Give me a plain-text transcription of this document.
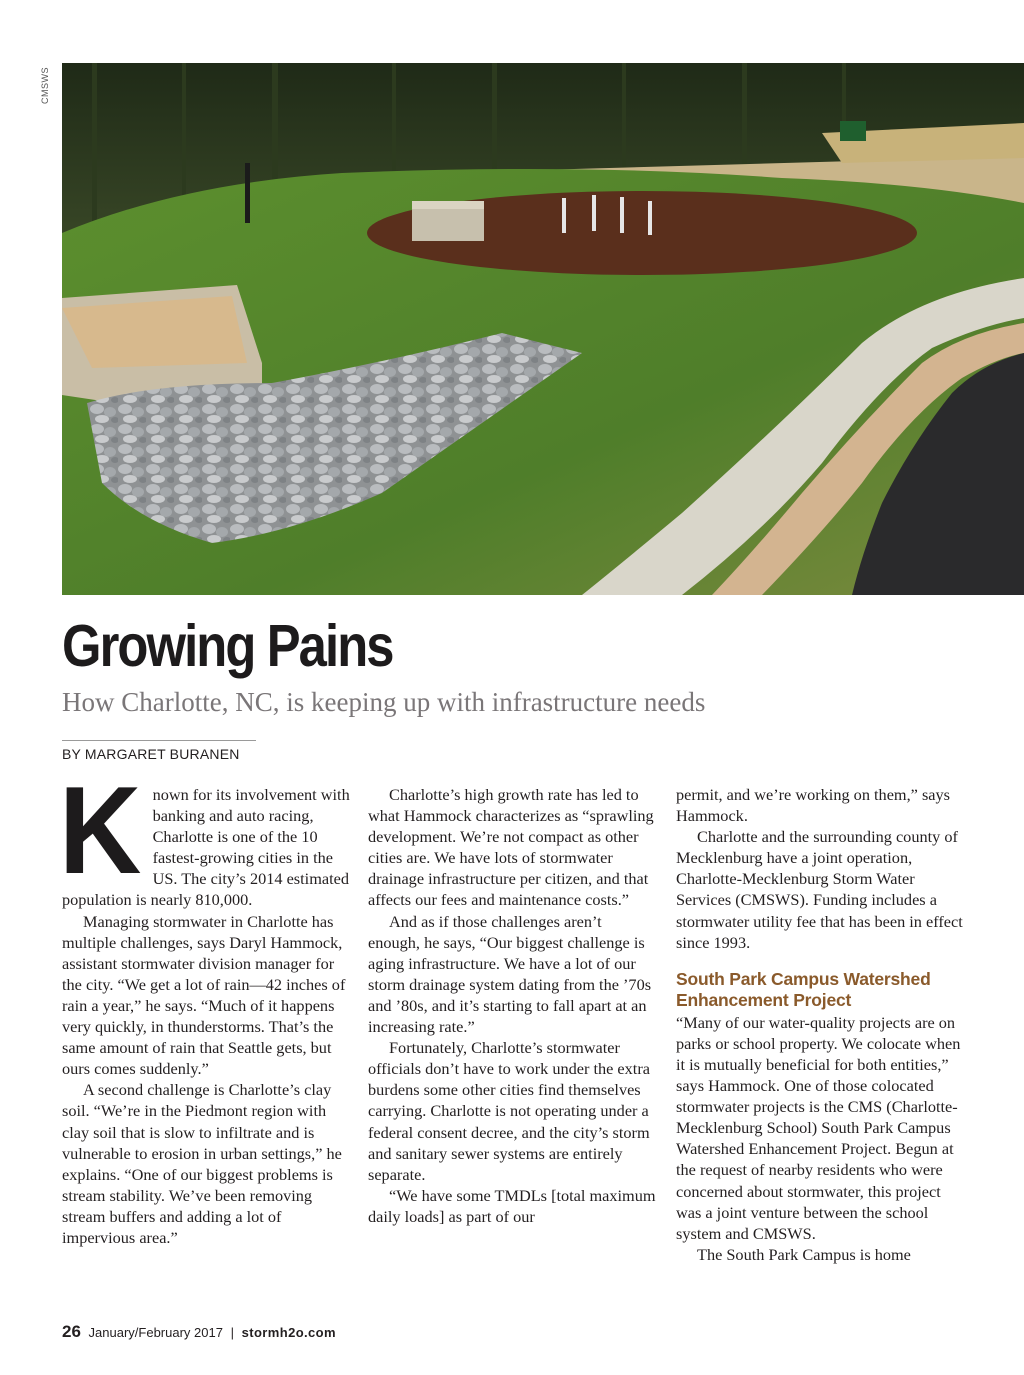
CMSWS
Growing Pains
How Charlotte, NC, is keeping up with infrastructure needs
BY MARGARET BURANEN
K nown for its involvement with banking and auto racing, Charlotte is one of the 10 fastest-growing cities in the US. The city’s 2014 estimated population is nearly 810,000.

Managing stormwater in Charlotte has multiple challenges, says Daryl Hammock, assistant stormwater division manager for the city. “We get a lot of rain—42 inches of rain a year,” he says. “Much of it happens very quickly, in thunderstorms. That’s the same amount of rain that Seattle gets, but ours comes suddenly.”

A second challenge is Charlotte’s clay soil. “We’re in the Piedmont region with clay soil that is slow to infiltrate and is vulnerable to erosion in urban settings,” he explains. “One of our biggest problems is stream stability. We’ve been removing stream buffers and adding a lot of impervious area.”

Charlotte’s high growth rate has led to what Hammock characterizes as “sprawling development. We’re not compact as other cities are. We have lots of stormwater drainage infrastructure per citizen, and that affects our fees and maintenance costs.”

And as if those challenges aren’t enough, he says, “Our biggest challenge is aging infrastructure. We have a lot of our storm drainage system dating from the ’70s and ’80s, and it’s starting to fall apart at an increasing rate.”

Fortunately, Charlotte’s stormwater officials don’t have to work under the extra burdens some other cities find themselves carrying. Charlotte is not operating under a federal consent decree, and the city’s storm and sanitary sewer systems are entirely separate.

“We have some TMDLs [total maximum daily loads] as part of our

permit, and we’re working on them,” says Hammock.

Charlotte and the surrounding county of Mecklenburg have a joint operation, Charlotte-Mecklenburg Storm Water Services (CMSWS). Funding includes a stormwater utility fee that has been in effect since 1993.

South Park Campus Watershed Enhancement Project

“Many of our water-quality projects are on parks or school property. We colocate when it is mutually beneficial for both entities,” says Hammock. One of those colocated stormwater projects is the CMS (Charlotte-Mecklenburg School) South Park Campus Watershed Enhancement Project. Begun at the request of nearby residents who were concerned about stormwater, this project was a joint venture between the school system and CMSWS.

The South Park Campus is home

26 January/February 2017 | stormh2o.com
